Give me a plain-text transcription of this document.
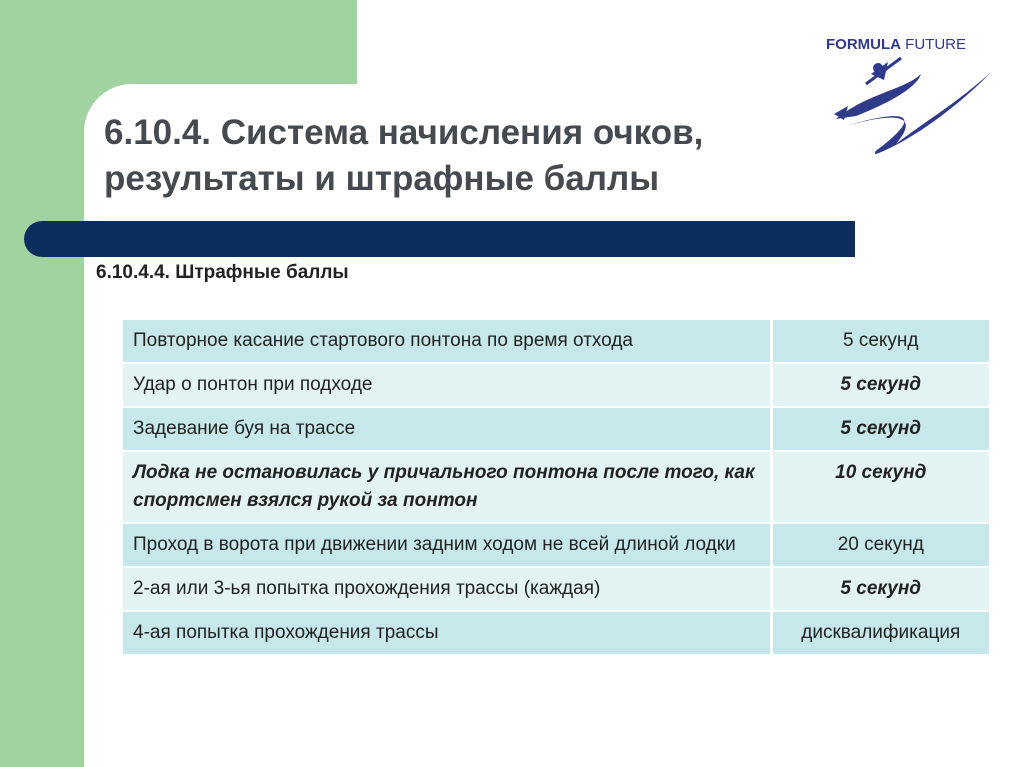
6.10.4. Система начисления очков,
результаты и штрафные баллы
FORMULA FUTURE
6.10.4.4. Штрафные баллы
Повторное касание стартового понтона по время отхода	5 секунд
Удар о понтон при подходе	5 секунд
Задевание буя на трассе	5 секунд
Лодка не остановилась у причального понтона после того, как спортсмен взялся рукой за понтон	10 секунд
Проход в ворота при движении задним ходом не всей длиной лодки	20 секунд
2-ая или 3-ья попытка прохождения трассы (каждая)	5 секунд
4-ая попытка прохождения трассы	дисквалификация
